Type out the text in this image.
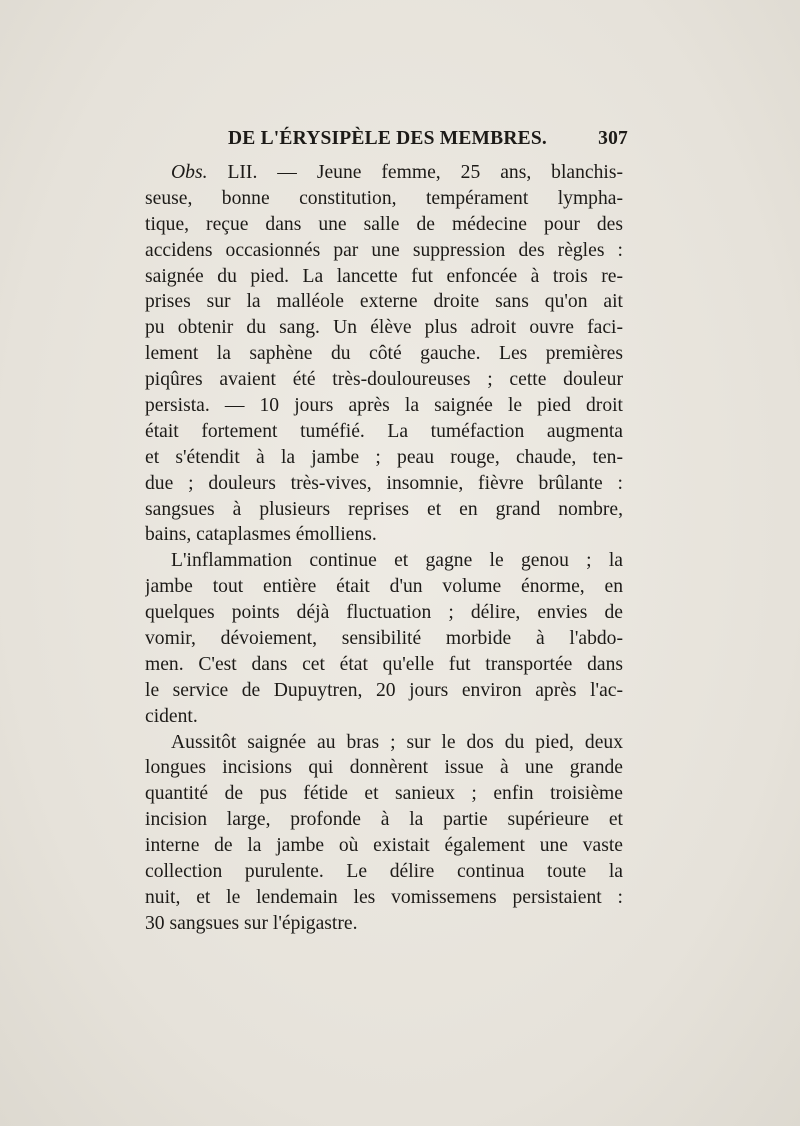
DE L'ÉRYSIPÈLE DES MEMBRES.	307
Obs. LII. — Jeune femme, 25 ans, blanchis-
seuse, bonne constitution, tempérament lympha-
tique, reçue dans une salle de médecine pour des
accidens occasionnés par une suppression des règles :
saignée du pied. La lancette fut enfoncée à trois re-
prises sur la malléole externe droite sans qu'on ait
pu obtenir du sang. Un élève plus adroit ouvre faci-
lement la saphène du côté gauche. Les premières
piqûres avaient été très-douloureuses ; cette douleur
persista. — 10 jours après la saignée le pied droit
était fortement tuméfié. La tuméfaction augmenta
et s'étendit à la jambe ; peau rouge, chaude, ten-
due ; douleurs très-vives, insomnie, fièvre brûlante :
sangsues à plusieurs reprises et en grand nombre,
bains, cataplasmes émolliens.
L'inflammation continue et gagne le genou ; la
jambe tout entière était d'un volume énorme, en
quelques points déjà fluctuation ; délire, envies de
vomir, dévoiement, sensibilité morbide à l'abdo-
men. C'est dans cet état qu'elle fut transportée dans
le service de Dupuytren, 20 jours environ après l'ac-
cident.
Aussitôt saignée au bras ; sur le dos du pied, deux
longues incisions qui donnèrent issue à une grande
quantité de pus fétide et sanieux ; enfin troisième
incision large, profonde à la partie supérieure et
interne de la jambe où existait également une vaste
collection purulente. Le délire continua toute la
nuit, et le lendemain les vomissemens persistaient :
30 sangsues sur l'épigastre.
